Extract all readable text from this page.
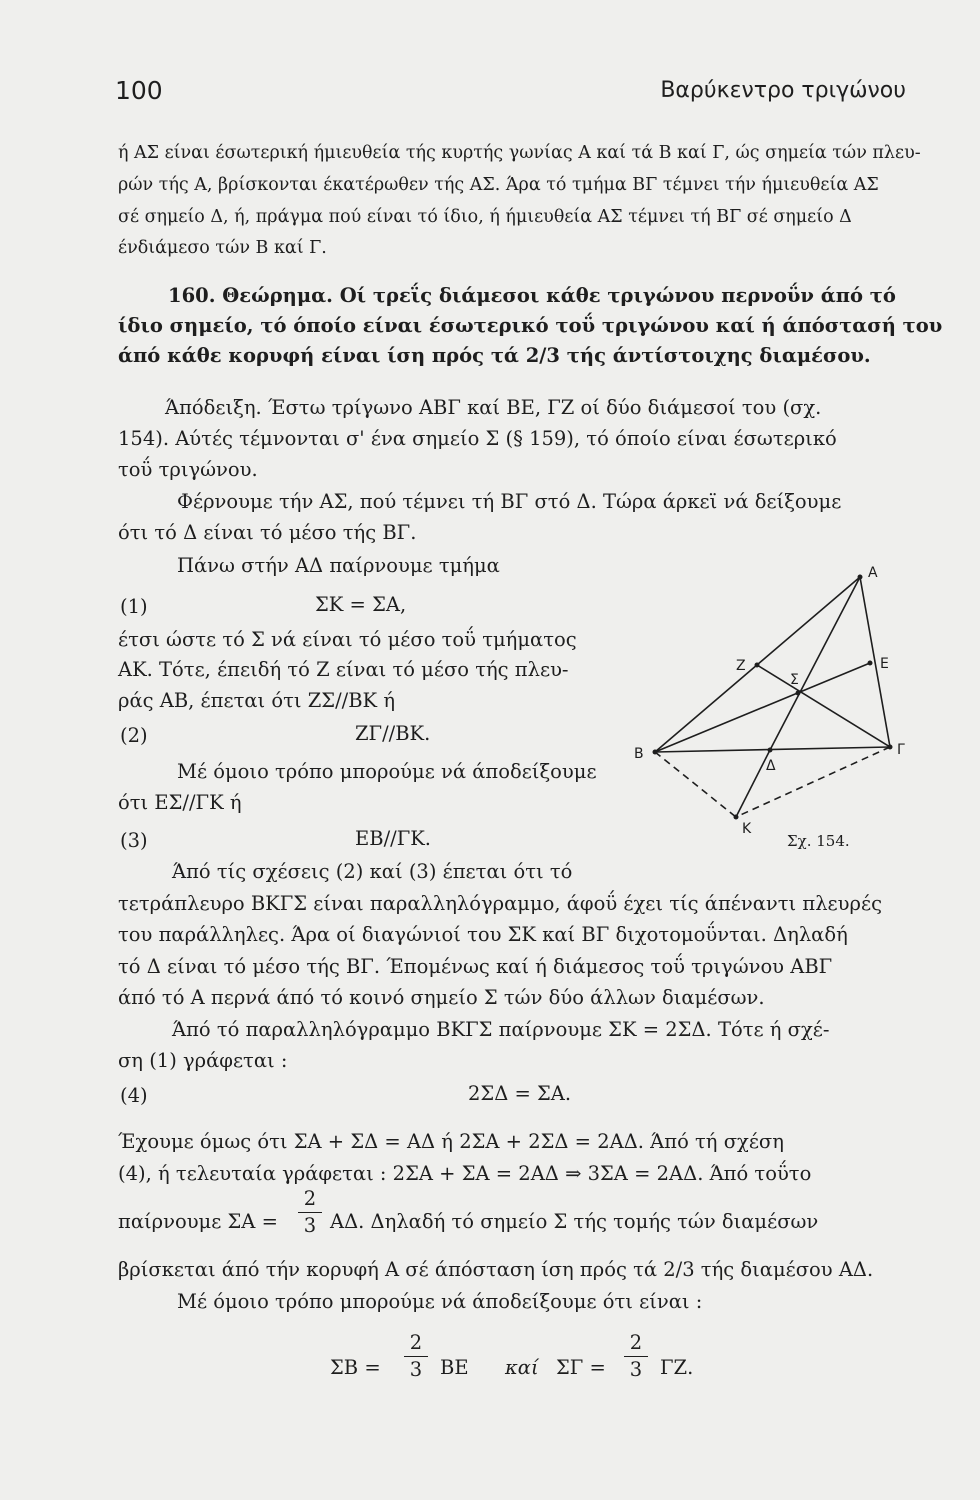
100	Βαρύκεντρο τριγώνου
ή ΑΣ είναι έσωτερική ήμιευθεία τής κυρτής γωνίας Α καί τά Β καί Γ, ώς σημεία τών πλευ-
ρών τής Α, βρίσκονται έκατέρωθεν τής ΑΣ. Άρα τό τμήμα ΒΓ τέμνει τήν ήμιευθεία ΑΣ
σέ σημείο Δ, ή, πράγμα πού είναι τό ίδιο, ή ήμιευθεία ΑΣ τέμνει τή ΒΓ σέ σημείο Δ
ένδιάμεσο τών Β καί Γ.
160. Θεώρημα. Οί τρεΐς διάμεσοι κάθε τριγώνου περνοΰν άπό τό
ίδιο σημείο, τό όποίο είναι έσωτερικό τοΰ τριγώνου καί ή άπόστασή του
άπό κάθε κορυφή είναι ίση πρός τά 2/3 τής άντίστοιχης διαμέσου.
Άπόδειξη. Έστω τρίγωνο ΑΒΓ καί ΒΕ, ΓΖ οί δύο διάμεσοί του (σχ.
154). Αύτές τέμνονται σ' ένα σημείο Σ (§ 159), τό όποίο είναι έσωτερικό
τοΰ τριγώνου.
Φέρνουμε τήν ΑΣ, πού τέμνει τή ΒΓ στό Δ. Τώρα άρκεϊ νά δείξουμε
ότι τό Δ είναι τό μέσο τής ΒΓ.
Πάνω στήν ΑΔ παίρνουμε τμήμα
(1)	ΣΚ = ΣΑ,
έτσι ώστε τό Σ νά είναι τό μέσο τοΰ τμήματος
ΑΚ. Τότε, έπειδή τό Ζ είναι τό μέσο τής πλευ-
ράς ΑΒ, έπεται ότι ΖΣ//ΒΚ ή
(2)	ΖΓ//ΒΚ.
Μέ όμοιο τρόπο μπορούμε νά άποδείξουμε
ότι ΕΣ//ΓΚ ή
(3)	ΕΒ//ΓΚ.
Άπό τίς σχέσεις (2) καί (3) έπεται ότι τό
τετράπλευρο ΒΚΓΣ είναι παραλληλόγραμμο, άφοΰ έχει τίς άπέναντι πλευρές
του παράλληλες. Άρα οί διαγώνιοί του ΣΚ καί ΒΓ διχοτομοΰνται. Δηλαδή
τό Δ είναι τό μέσο τής ΒΓ. Έπομένως καί ή διάμεσος τοΰ τριγώνου ΑΒΓ
άπό τό Α περνά άπό τό κοινό σημείο Σ τών δύο άλλων διαμέσων.
Άπό τό παραλληλόγραμμο ΒΚΓΣ παίρνουμε ΣΚ = 2ΣΔ. Τότε ή σχέ-
ση (1) γράφεται :
(4)	2ΣΔ = ΣΑ.
Έχουμε όμως ότι ΣΑ + ΣΔ = ΑΔ ή 2ΣΑ + 2ΣΔ = 2ΑΔ. Άπό τή σχέση
(4), ή τελευταία γράφεται : 2ΣΑ + ΣΑ = 2ΑΔ ⇒ 3ΣΑ = 2ΑΔ. Άπό τοΰτο
παίρνουμε ΣΑ =
2
3 ΑΔ. Δηλαδή τό σημείο Σ τής τομής τών διαμέσων
βρίσκεται άπό τήν κορυφή Α σέ άπόσταση ίση πρός τά 2/3 τής διαμέσου ΑΔ.
Μέ όμοιο τρόπο μπορούμε νά άποδείξουμε ότι είναι :
ΣΒ =
2
3 ΒΕ καί ΣΓ =
2
3 ΓΖ.
Α
Β	Γ
Δ
Ε
Ζ
Σ
Κ
Σχ. 154.
